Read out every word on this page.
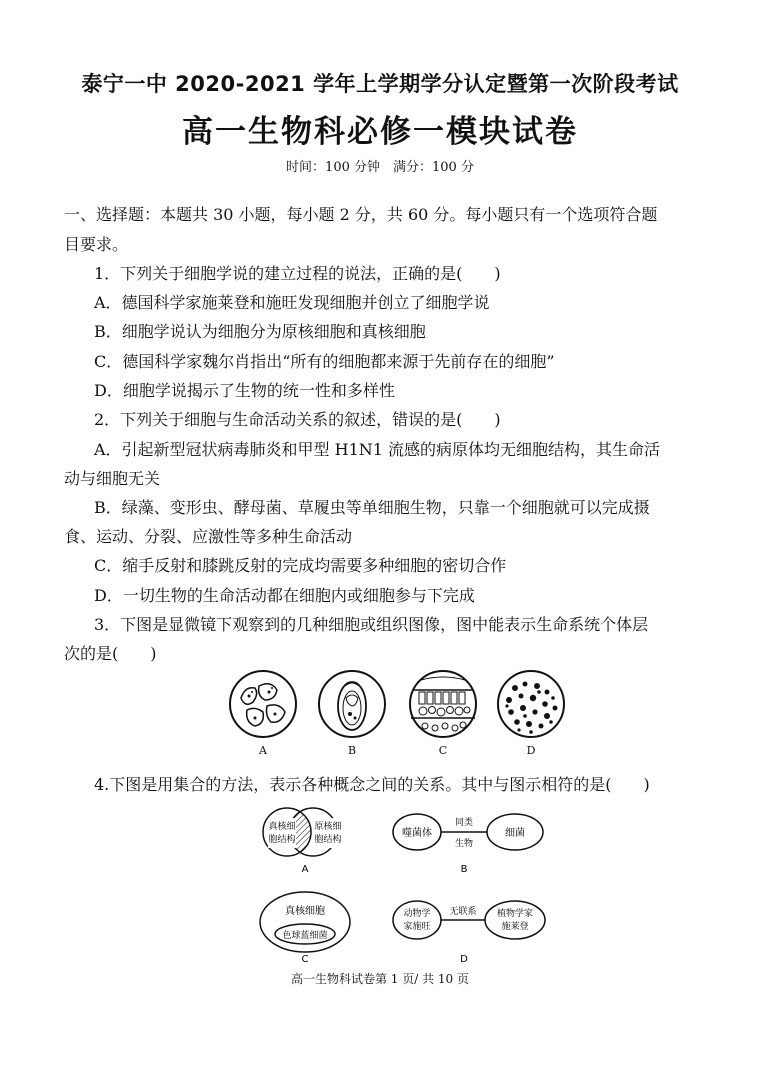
泰宁一中 2020-2021 学年上学期学分认定暨第一次阶段考试
高一生物科必修一模块试卷
时间：100 分钟　满分：100 分
一、选择题：本题共 30 小题，每小题 2 分，共 60 分。每小题只有一个选项符合题
目要求。
1．下列关于细胞学说的建立过程的说法，正确的是(　　)
A．德国科学家施莱登和施旺发现细胞并创立了细胞学说
B．细胞学说认为细胞分为原核细胞和真核细胞
C．德国科学家魏尔肖指出“所有的细胞都来源于先前存在的细胞”
D．细胞学说揭示了生物的统一性和多样性
2．下列关于细胞与生命活动关系的叙述，错误的是(　　)
A．引起新型冠状病毒肺炎和甲型 H1N1 流感的病原体均无细胞结构，其生命活
动与细胞无关
B．绿藻、变形虫、酵母菌、草履虫等单细胞生物，只靠一个细胞就可以完成摄
食、运动、分裂、应激性等多种生命活动
C．缩手反射和膝跳反射的完成均需要多种细胞的密切合作
D．一切生物的生命活动都在细胞内或细胞参与下完成
3．下图是显微镜下观察到的几种细胞或组织图像，图中能表示生命系统个体层
次的是(　　)
A	B	C	D
4.下图是用集合的方法，表示各种概念之间的关系。其中与图示相符的是(　　)
真核细
胞结构
原核细
胞结构
A
噬菌体
同类
生物
细菌
B
真核细胞
色球蓝细菌
C
动物学
家施旺
无联系 植物学家
施莱登
D
高一生物科试卷第 1 页/ 共 10 页
